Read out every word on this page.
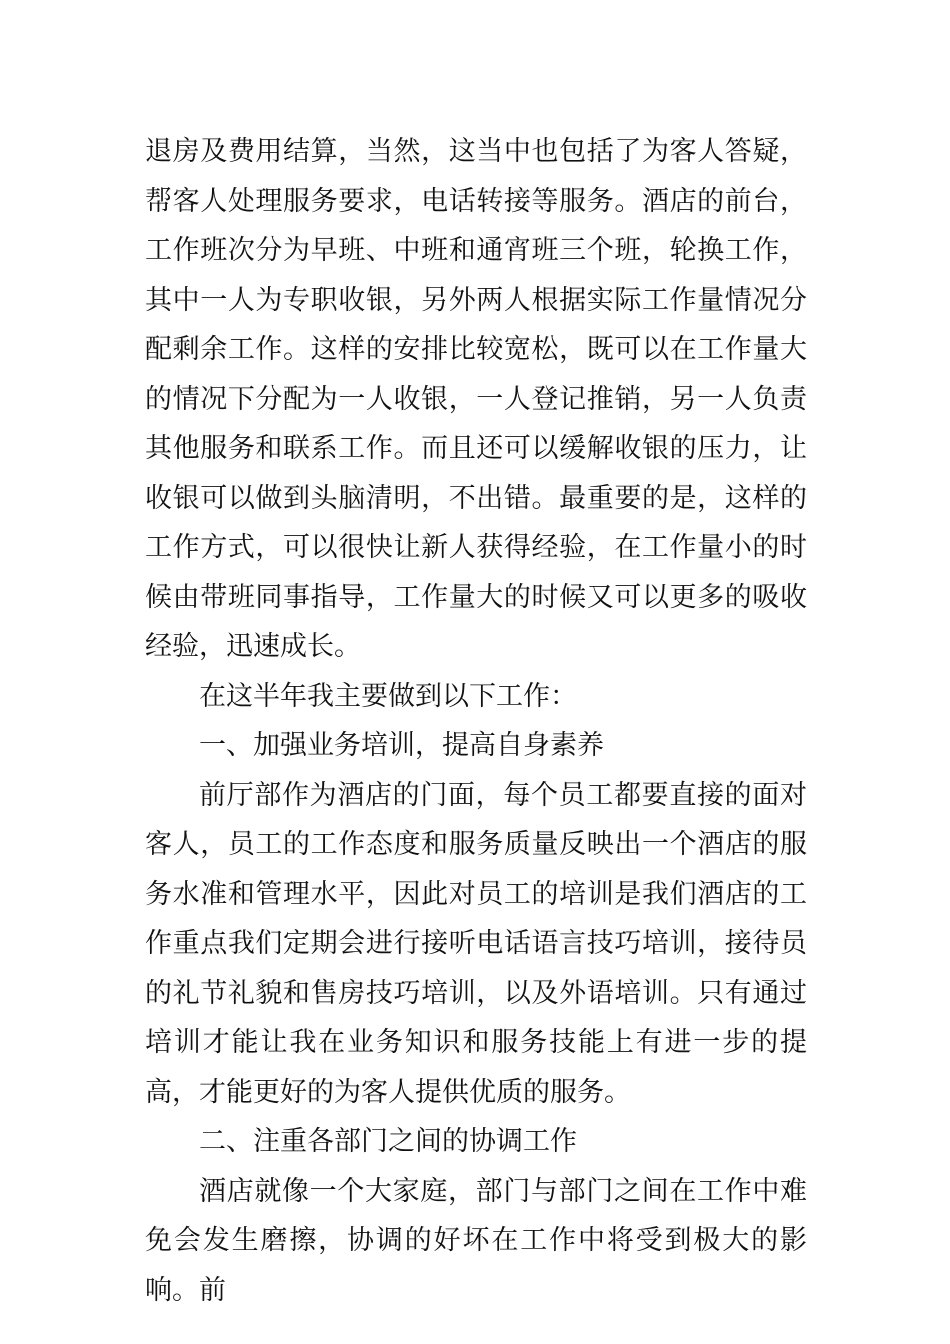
退房及费用结算，当然，这当中也包括了为客人答疑，帮客人处理服务要求，电话转接等服务。酒店的前台，工作班次分为早班、中班和通宵班三个班，轮换工作，其中一人为专职收银，另外两人根据实际工作量情况分配剩余工作。这样的安排比较宽松，既可以在工作量大的情况下分配为一人收银，一人登记推销，另一人负责其他服务和联系工作。而且还可以缓解收银的压力，让收银可以做到头脑清明，不出错。最重要的是，这样的工作方式，可以很快让新人获得经验，在工作量小的时候由带班同事指导，工作量大的时候又可以更多的吸收经验，迅速成长。

在这半年我主要做到以下工作：

一、加强业务培训，提高自身素养

前厅部作为酒店的门面，每个员工都要直接的面对客人，员工的工作态度和服务质量反映出一个酒店的服务水准和管理水平，因此对员工的培训是我们酒店的工作重点我们定期会进行接听电话语言技巧培训，接待员的礼节礼貌和售房技巧培训，以及外语培训。只有通过培训才能让我在业务知识和服务技能上有进一步的提高，才能更好的为客人提供优质的服务。

二、注重各部门之间的协调工作

酒店就像一个大家庭，部门与部门之间在工作中难免会发生磨擦，协调的好坏在工作中将受到极大的影响。前
